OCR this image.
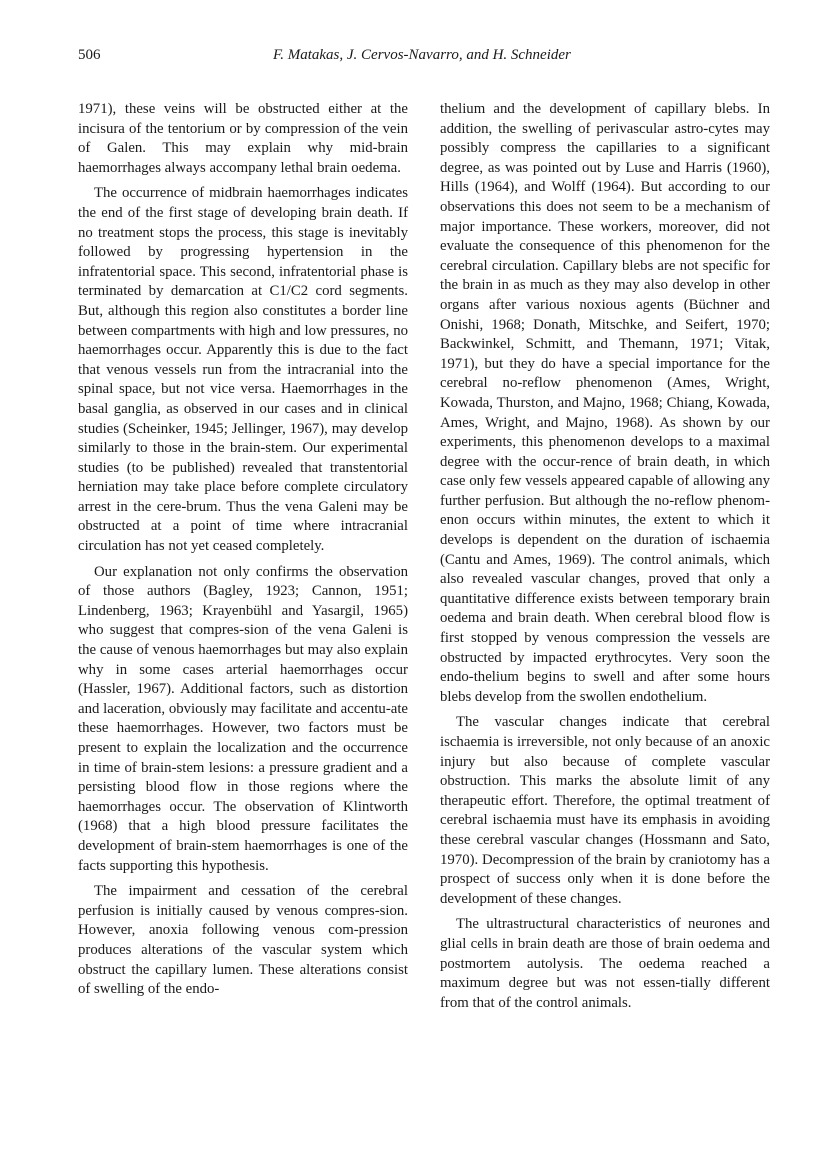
506	F. Matakas, J. Cervos-Navarro, and H. Schneider

1971), these veins will be obstructed either at the incisura of the tentorium or by compression of the vein of Galen. This may explain why mid-brain haemorrhages always accompany lethal brain oedema.

The occurrence of midbrain haemorrhages indicates the end of the first stage of developing brain death. If no treatment stops the process, this stage is inevitably followed by progressing hypertension in the infratentorial space. This second, infratentorial phase is terminated by demarcation at C1/C2 cord segments. But, although this region also constitutes a border line between compartments with high and low pressures, no haemorrhages occur. Apparently this is due to the fact that venous vessels run from the intracranial into the spinal space, but not vice versa. Haemorrhages in the basal ganglia, as observed in our cases and in clinical studies (Scheinker, 1945; Jellinger, 1967), may develop similarly to those in the brain-stem. Our experimental studies (to be published) revealed that transtentorial herniation may take place before complete circulatory arrest in the cere-brum. Thus the vena Galeni may be obstructed at a point of time where intracranial circulation has not yet ceased completely.

Our explanation not only confirms the observation of those authors (Bagley, 1923; Cannon, 1951; Lindenberg, 1963; Krayenbühl and Yasargil, 1965) who suggest that compres-sion of the vena Galeni is the cause of venous haemorrhages but may also explain why in some cases arterial haemorrhages occur (Hassler, 1967). Additional factors, such as distortion and laceration, obviously may facilitate and accentu-ate these haemorrhages. However, two factors must be present to explain the localization and the occurrence in time of brain-stem lesions: a pressure gradient and a persisting blood flow in those regions where the haemorrhages occur. The observation of Klintworth (1968) that a high blood pressure facilitates the development of brain-stem haemorrhages is one of the facts supporting this hypothesis.

The impairment and cessation of the cerebral perfusion is initially caused by venous compres-sion. However, anoxia following venous com-pression produces alterations of the vascular system which obstruct the capillary lumen. These alterations consist of swelling of the endo-

thelium and the development of capillary blebs. In addition, the swelling of perivascular astro-cytes may possibly compress the capillaries to a significant degree, as was pointed out by Luse and Harris (1960), Hills (1964), and Wolff (1964). But according to our observations this does not seem to be a mechanism of major importance. These workers, moreover, did not evaluate the consequence of this phenomenon for the cerebral circulation. Capillary blebs are not specific for the brain in as much as they may also develop in other organs after various noxious agents (Büchner and Onishi, 1968; Donath, Mitschke, and Seifert, 1970; Backwinkel, Schmitt, and Themann, 1971; Vitak, 1971), but they do have a special importance for the cerebral no-reflow phenomenon (Ames, Wright, Kowada, Thurston, and Majno, 1968; Chiang, Kowada, Ames, Wright, and Majno, 1968). As shown by our experiments, this phenomenon develops to a maximal degree with the occur-rence of brain death, in which case only few vessels appeared capable of allowing any further perfusion. But although the no-reflow phenom-enon occurs within minutes, the extent to which it develops is dependent on the duration of ischaemia (Cantu and Ames, 1969). The control animals, which also revealed vascular changes, proved that only a quantitative difference exists between temporary brain oedema and brain death. When cerebral blood flow is first stopped by venous compression the vessels are obstructed by impacted erythrocytes. Very soon the endo-thelium begins to swell and after some hours blebs develop from the swollen endothelium.

The vascular changes indicate that cerebral ischaemia is irreversible, not only because of an anoxic injury but also because of complete vascular obstruction. This marks the absolute limit of any therapeutic effort. Therefore, the optimal treatment of cerebral ischaemia must have its emphasis in avoiding these cerebral vascular changes (Hossmann and Sato, 1970). Decompression of the brain by craniotomy has a prospect of success only when it is done before the development of these changes.

The ultrastructural characteristics of neurones and glial cells in brain death are those of brain oedema and postmortem autolysis. The oedema reached a maximum degree but was not essen-tially different from that of the control animals.
